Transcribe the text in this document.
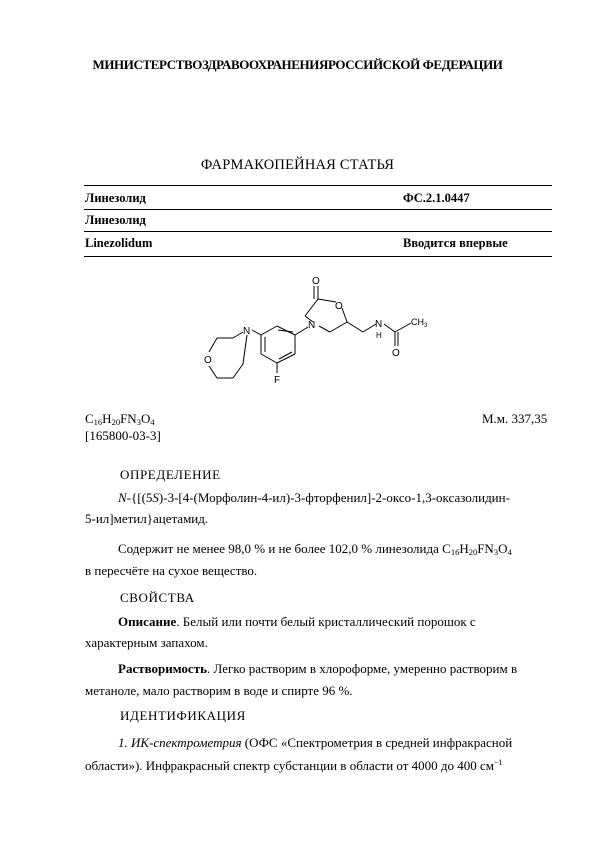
МИНИСТЕРСТВОЗДРАВООХРАНЕНИЯРОССИЙСКОЙ ФЕДЕРАЦИИ
ФАРМАКОПЕЙНАЯ СТАТЬЯ
Линезолид	ФС.2.1.0447
Линезолид
Linezolidum	Вводится впервые
O
O
N	N
H
$CH_3$
O
F
N
O
$C_{16}H_{20}FN_3O_4$	М.м. 337,35
[165800-03-3]
ОПРЕДЕЛЕНИЕ
N-{[(5S)-3-[4-(Морфолин-4-ил)-3-фторфенил]-2-оксо-1,3-оксазолидин-
5-ил]метил}ацетамид.
Содержит не менее 98,0 % и не более 102,0 % линезолида $C_{16}H_{20}FN_3O_4$
в пересчёте на сухое вещество.
СВОЙСТВА
Описание. Белый или почти белый кристаллический порошок с
характерным запахом.
Растворимость. Легко растворим в хлороформе, умеренно растворим в
метаноле, мало растворим в воде и спирте 96 %.
ИДЕНТИФИКАЦИЯ
1. ИК-спектрометрия (ОФС «Спектрометрия в средней инфракрасной
области»). Инфракрасный спектр субстанции в области от 4000 до 400 $см^{-1}$
